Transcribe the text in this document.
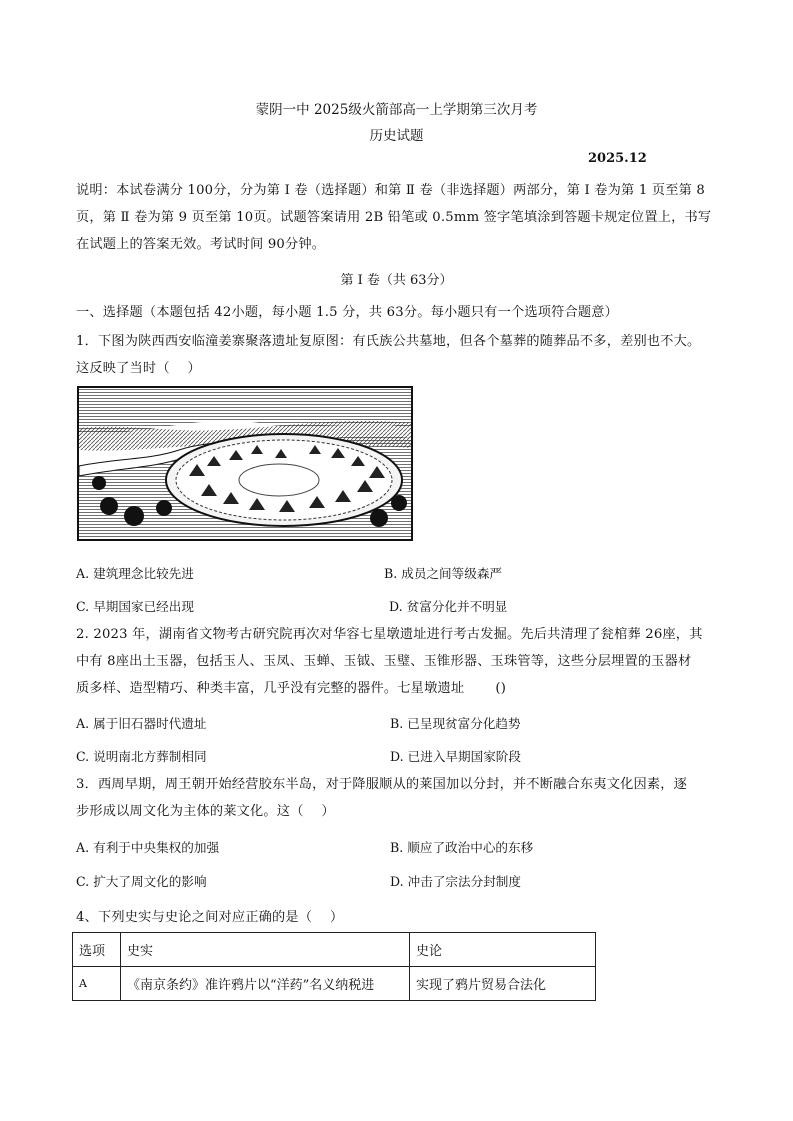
蒙阴一中 2025级火箭部高一上学期第三次月考
历史试题
2025.12
说明：本试卷满分 100分，分为第 Ⅰ 卷（选择题）和第 Ⅱ 卷（非选择题）两部分，第 Ⅰ 卷为第 1 页至第 8
页，第 Ⅱ 卷为第 9 页至第 10页。试题答案请用 2B 铅笔或 0.5mm 签字笔填涂到答题卡规定位置上，书写
在试题上的答案无效。考试时间 90分钟。
第 Ⅰ 卷（共 63分）
一、选择题（本题包括 42小题，每小题 1.5 分，共 63分。每小题只有一个选项符合题意）
1．下图为陕西西安临潼姜寨聚落遗址复原图：有氏族公共墓地，但各个墓葬的随葬品不多，差别也不大。
这反映了当时（　 ）
A. 建筑理念比较先进	B. 成员之间等级森严
C. 早期国家已经出现	D. 贫富分化并不明显
2. 2023 年，湖南省文物考古研究院再次对华容七星墩遗址进行考古发掘。先后共清理了瓮棺葬 26座，其
中有 8座出土玉器，包括玉人、玉凤、玉蝉、玉钺、玉璧、玉锥形器、玉珠管等，这些分层埋置的玉器材
质多样、造型精巧、种类丰富，几乎没有完整的器件。七星墩遗址　　 ()
A. 属于旧石器时代遗址	B. 已呈现贫富分化趋势
C. 说明南北方葬制相同	D. 已进入早期国家阶段
3．西周早期，周王朝开始经营胶东半岛，对于降服顺从的莱国加以分封，并不断融合东夷文化因素，逐
步形成以周文化为主体的莱文化。这（　 ）
A. 有利于中央集权的加强	B. 顺应了政治中心的东移
C. 扩大了周文化的影响	D. 冲击了宗法分封制度
4、下列史实与史论之间对应正确的是（　 ）
选项	史实	史论
A	《南京条约》准许鸦片以“洋药”名义纳税进	实现了鸦片贸易合法化
